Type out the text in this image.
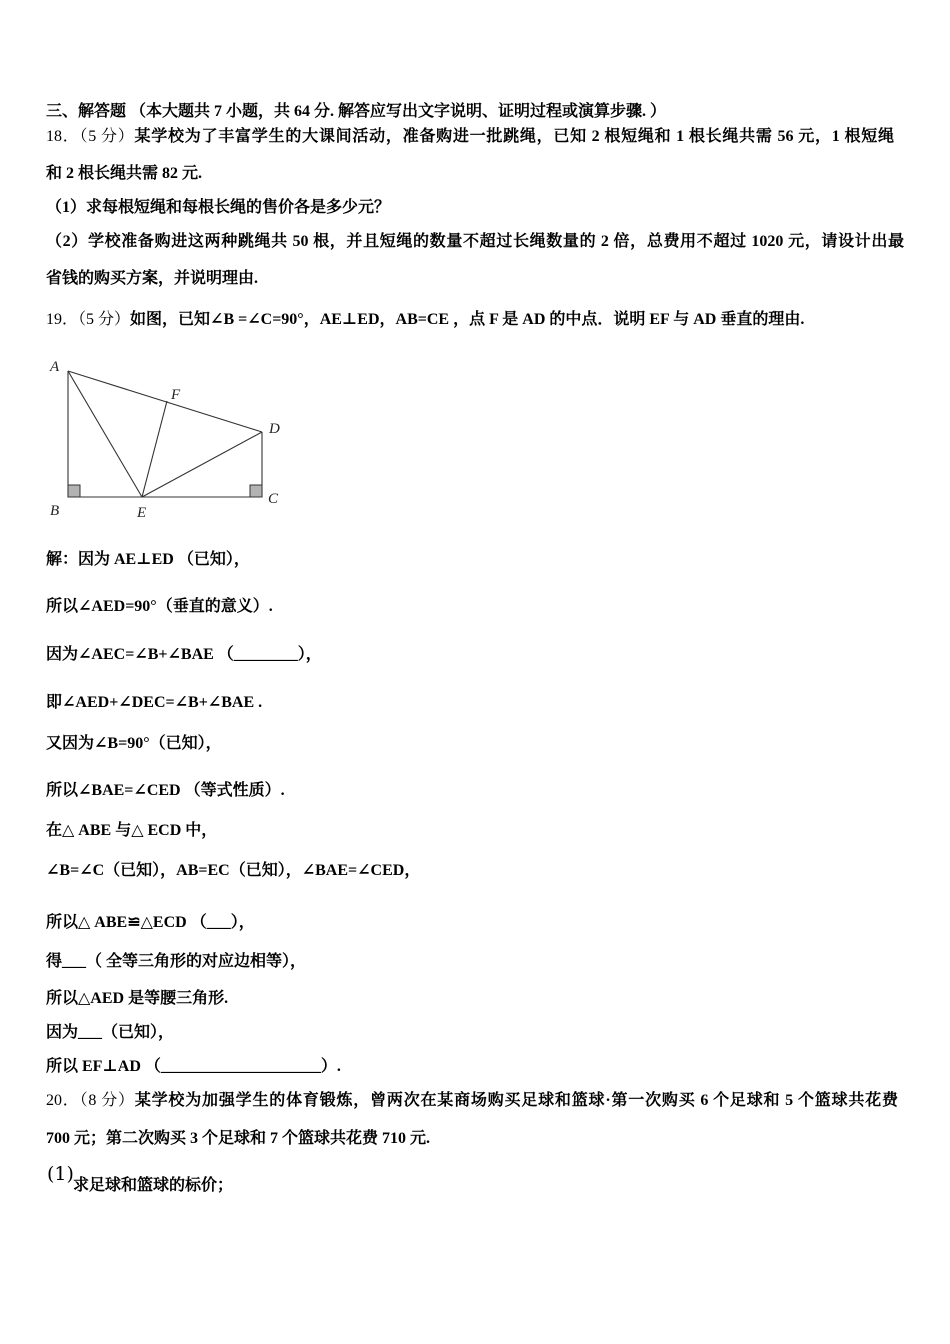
三、解答题 （本大题共 7 小题，共 64 分. 解答应写出文字说明、证明过程或演算步骤. ）
18．（5 分）某学校为了丰富学生的大课间活动，准备购进一批跳绳，已知 2 根短绳和 1 根长绳共需 56 元，1 根短绳
和 2 根长绳共需 82 元.
（1）求每根短绳和每根长绳的售价各是多少元？
（2）学校准备购进这两种跳绳共 50 根，并且短绳的数量不超过长绳数量的 2 倍，总费用不超过 1020 元，请设计出最
省钱的购买方案，并说明理由.
19．（5 分）如图，已知∠B =∠C=90°，AE⊥ED，AB=CE ，点 F 是 AD 的中点．说明 EF 与 AD 垂直的理由.
A
F
D
B	E
C
解：因为 AE⊥ED （已知），
所以∠AED=90°（垂直的意义）.
因为∠AEC=∠B+∠BAE （________），
即∠AED+∠DEC=∠B+∠BAE .
又因为∠B=90°（已知），
所以∠BAE=∠CED （等式性质）.
在△ ABE 与△ ECD 中，
∠B=∠C（已知），AB=EC（已知），∠BAE=∠CED，
所以△ ABE≌△ECD （___），
得___（ 全等三角形的对应边相等），
所以△AED 是等腰三角形.
因为___（已知），
所以 EF⊥AD （____________________）.
20．（8 分）某学校为加强学生的体育锻炼，曾两次在某商场购买足球和篮球·第一次购买 6 个足球和 5 个篮球共花费
700 元；第二次购买 3 个足球和 7 个篮球共花费 710 元.
(1)
求足球和篮球的标价；
